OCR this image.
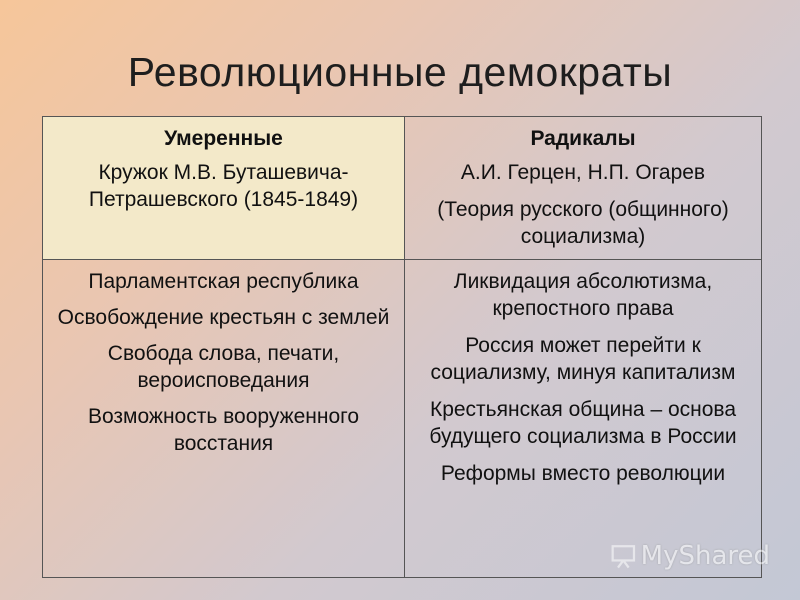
Революционные демократы
Умеренные
Кружок М.В. Буташевича-
Петрашевского (1845-1849)
Радикалы
А.И. Герцен, Н.П. Огарев
(Теория русского (общинного) социализма)
Парламентская республика
Освобождение крестьян с землей
Свобода слова, печати, вероисповедания
Возможность вооруженного восстания
Ликвидация абсолютизма, крепостного права
Россия может перейти к социализму, минуя капитализм
Крестьянская община – основа будущего социализма в России
Реформы вместо революции
MyShared
